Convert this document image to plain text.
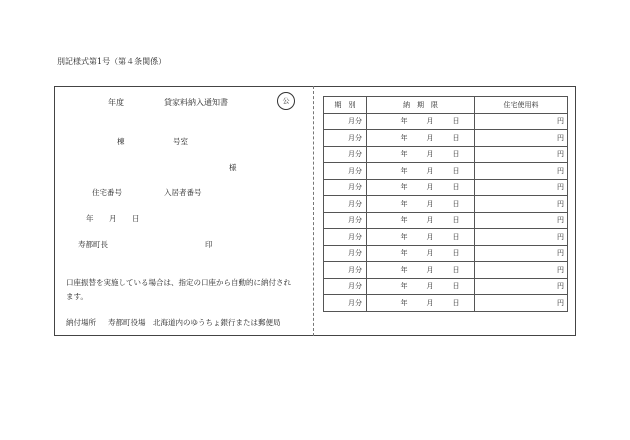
別記様式第1号（第４条関係）
年度	貸家料納入通知書	公
棟	号室
様
住宅番号	入居者番号
年 月 日
寿都町長	印
口座振替を実施している場合は、指定の口座から自動的に納付され
ます。
納付場所 寿都町役場　北海道内のゆうちょ銀行または郵便局
期　別	納　期　限	住宅使用料
月分	年 月 日	円
月分	年 月 日	円
月分	年 月 日	円
月分	年 月 日	円
月分	年 月 日	円
月分	年 月 日	円
月分	年 月 日	円
月分	年 月 日	円
月分	年 月 日	円
月分	年 月 日	円
月分	年 月 日	円
月分	年 月 日	円
